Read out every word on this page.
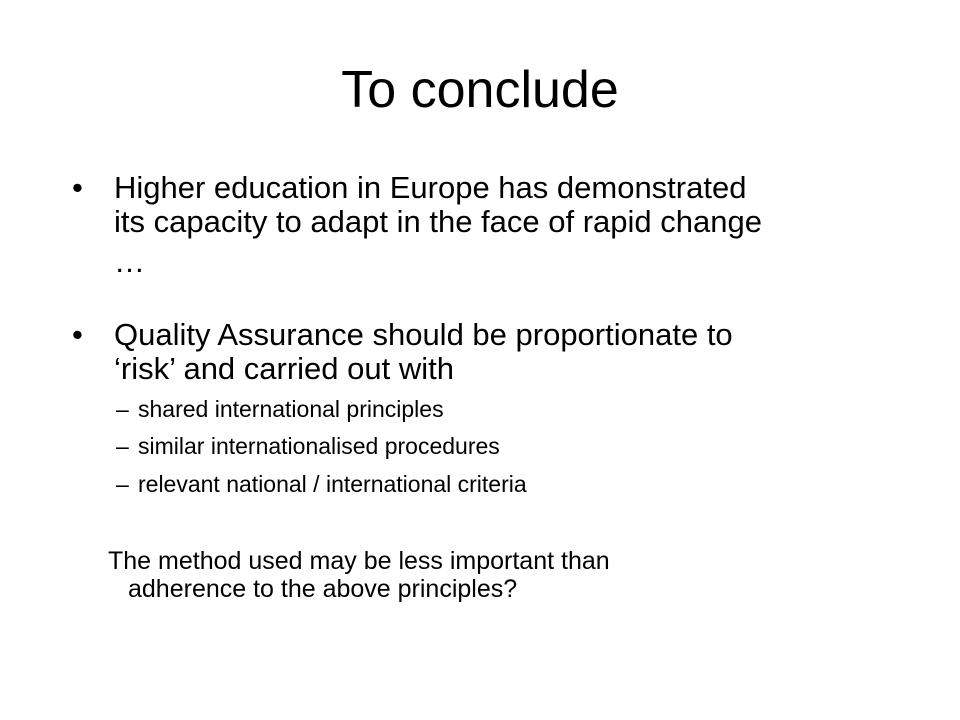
To conclude
•	Higher education in Europe has demonstrated
its capacity to adapt in the face of rapid change
…
•	Quality Assurance should be proportionate to
‘risk’ and carried out with
– shared international principles
– similar internationalised procedures
– relevant national / international criteria
The method used may be less important than
adherence to the above principles?
